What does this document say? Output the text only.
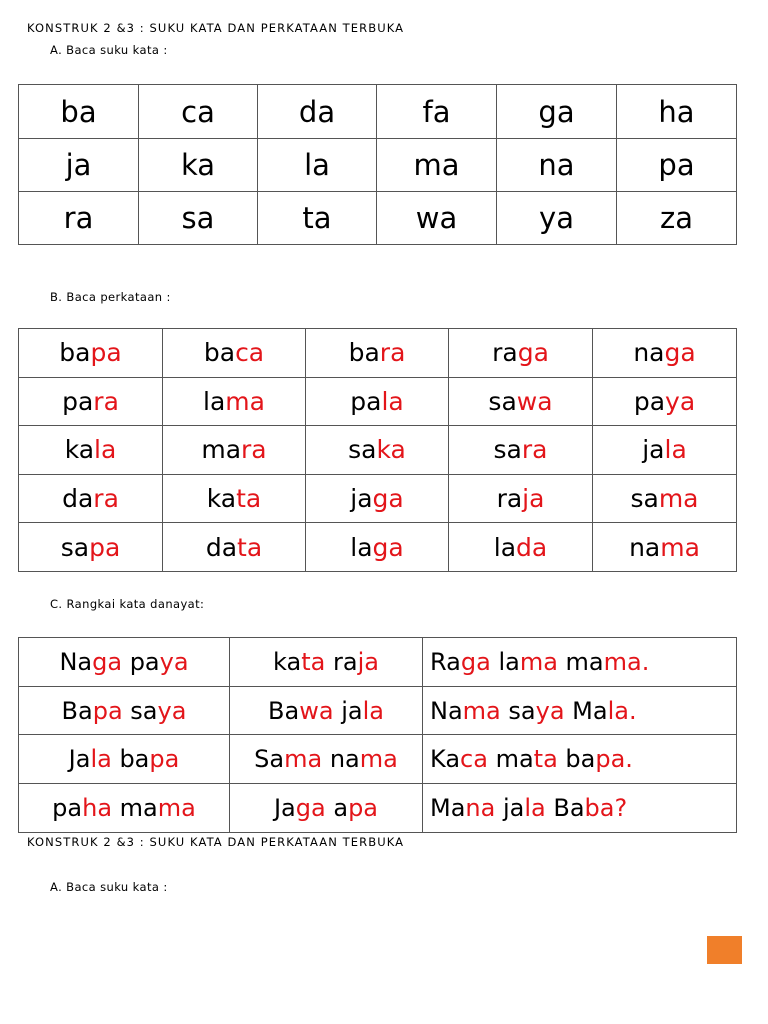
KONSTRUK 2 &3 : SUKU KATA DAN PERKATAAN TERBUKA
A. Baca suku kata :
ba	ca	da	fa	ga	ha
ja	ka	la	ma	na	pa
ra	sa	ta	wa	ya	za
B. Baca perkataan :
bapa	baca	bara	raga	naga
para	lama	pala	sawa	paya
kala	mara	saka	sara	jala
dara	kata	jaga	raja	sama
sapa	data	laga	lada	nama
C. Rangkai kata danayat:
Naga paya	kata raja	Raga lama mama.
Bapa saya	Bawa jala	Nama saya Mala.
Jala bapa	Sama nama	Kaca mata bapa.
paha mama	Jaga apa	Mana jala Baba?
KONSTRUK 2 &3 : SUKU KATA DAN PERKATAAN TERBUKA
A. Baca suku kata :
